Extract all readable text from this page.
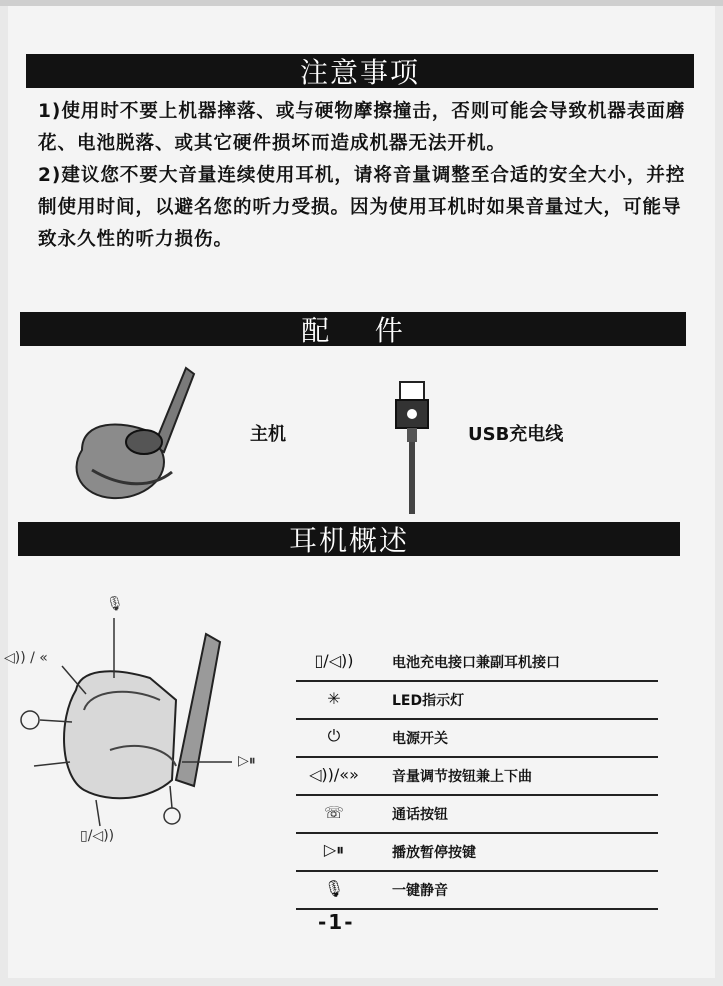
注意事项

1)使用时不要上机器摔落、或与硬物摩擦撞击，否则可能会导致机器表面磨花、电池脱落、或其它硬件损坏而造成机器无法开机。

2)建议您不要大音量连续使用耳机，请将音量调整至合适的安全大小，并控制使用时间，以避名您的听力受损。因为使用耳机时如果音量过大，可能导致永久性的听力损伤。

配    件
主机	USB充电线
耳机概述
🎙
◁)) / «
▷⏸
▯/◁))
▯/◁))	电池充电接口兼副耳机接口
✳	LED指示灯
⏻	电源开关
◁))/«» 音量调节按钮兼上下曲
☏	通话按钮
▷⏸	播放暂停按键
🎙	一键静音
-1-
